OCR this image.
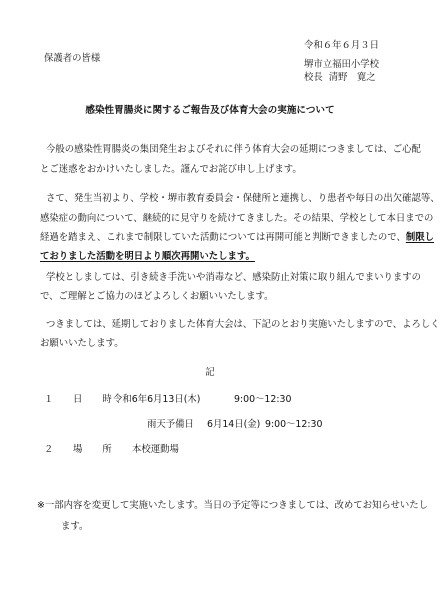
令和６年６月３日
保護者の皆様
堺市立福田小学校
校長 清野　寛之
感染性胃腸炎に関するご報告及び体育大会の実施について
今般の感染性胃腸炎の集団発生およびそれに伴う体育大会の延期につきましては、ご心配
とご迷惑をおかけいたしました。謹んでお詫び申し上げます。
さて、発生当初より、学校・堺市教育委員会・保健所と連携し、り患者や毎日の出欠確認等、
感染症の動向について、継続的に見守りを続けてきました。その結果、学校として本日までの
経過を踏まえ、これまで制限していた活動については再開可能と判断できましたので、制限し
ておりました活動を明日より順次再開いたします。
学校としましては、引き続き手洗いや消毒など、感染防止対策に取り組んでまいりますの
で、ご理解とご協力のほどよろしくお願いいたします。
つきましては、延期しておりました体育大会は、下記のとおり実施いたしますので、よろしく
お願いいたします。
記
１ 日 時 令和6年6月13日(木)	9:00～12:30
雨天予備日 6月14日(金) 9:00～12:30
２ 場 所 本校運動場
※一部内容を変更して実施いたします。当日の予定等につきましては、改めてお知らせいたし
ます。
